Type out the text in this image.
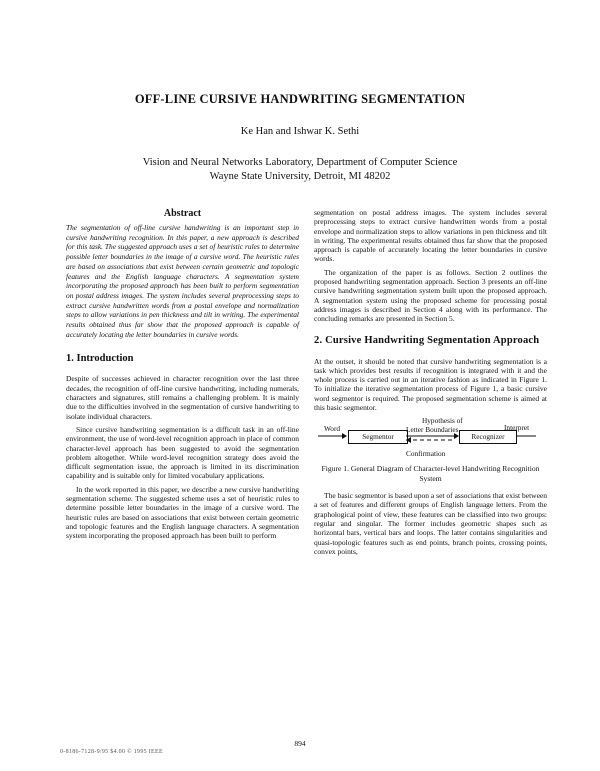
OFF-LINE CURSIVE HANDWRITING SEGMENTATION
Ke Han and Ishwar K. Sethi
Vision and Neural Networks Laboratory, Department of Computer Science
Wayne State University, Detroit, MI 48202
Abstract

The segmentation of off-line cursive handwriting is an important step in cursive handwriting recognition. In this paper, a new approach is described for this task. The suggested approach uses a set of heuristic rules to determine possible letter boundaries in the image of a cursive word. The heuristic rules are based on associations that exist between certain geometric and topologic features and the English language characters. A segmentation system incorporating the proposed approach has been built to perform segmentation on postal address images. The system includes several preprocessing steps to extract cursive handwritten words from a postal envelope and normalization steps to allow variations in pen thickness and tilt in writing. The experimental results obtained thus far show that the proposed approach is capable of accurately locating the letter boundaries in cursive words.

1. Introduction

Despite of successes achieved in character recognition over the last three decades, the recognition of off-line cursive handwriting, including numerals, characters and signatures, still remains a challenging problem. It is mainly due to the difficulties involved in the segmentation of cursive handwriting to isolate individual characters.

Since cursive handwriting segmentation is a difficult task in an off-line environment, the use of word-level recognition approach in place of common character-level approach has been suggested to avoid the segmentation problem altogether. While word-level recognition strategy does avoid the difficult segmentation issue, the approach is limited in its discrimination capability and is suitable only for limited vocabulary applications.

In the work reported in this paper, we describe a new cursive handwriting segmentation scheme. The suggested scheme uses a set of heuristic rules to determine possible letter boundaries in the image of a cursive word. The heuristic rules are based on associations that exist between certain geometric and topologic features and the English language characters. A segmentation system incorporating the proposed approach has been built to perform

segmentation on postal address images. The system includes several preprocessing steps to extract cursive handwritten words from a postal envelope and normalization steps to allow variations in pen thickness and tilt in writing. The experimental results obtained thus far show that the proposed approach is capable of accurately locating the letter boundaries in cursive words.

The organization of the paper is as follows. Section 2 outlines the proposed handwriting segmentation approach. Section 3 presents an off-line cursive handwriting segmentation system built upon the proposed approach. A segmentation system using the proposed scheme for processing postal address images is described in Section 4 along with its performance. The concluding remarks are presented in Section 5.

2. Cursive Handwriting Segmentation Approach

At the outset, it should be noted that cursive handwriting segmentation is a task which provides best results if recognition is integrated with it and the whole process is carried out in an iterative fashion as indicated in Figure 1. To initialize the iterative segmentation process of Figure 1, a basic cursive word segmentor is required. The proposed segmentation scheme is aimed at this basic segmentor.

Hypothesis of
Letter Boundaries
Word
Segmentor	Recognizer
Interpret
Confirmation

Figure 1. General Diagram of Character-level Handwriting Recognition System

The basic segmentor is based upon a set of associations that exist between a set of features and different groups of English language letters. From the graphological point of view, these features can be classified into two groups: regular and singular. The former includes geometric shapes such as horizontal bars, vertical bars and loops. The latter contains singularities and quasi-topologic features such as end points, branch points, crossing points, convex points,

894
0-8186-7128-9/95 $4.00 © 1995 IEEE
